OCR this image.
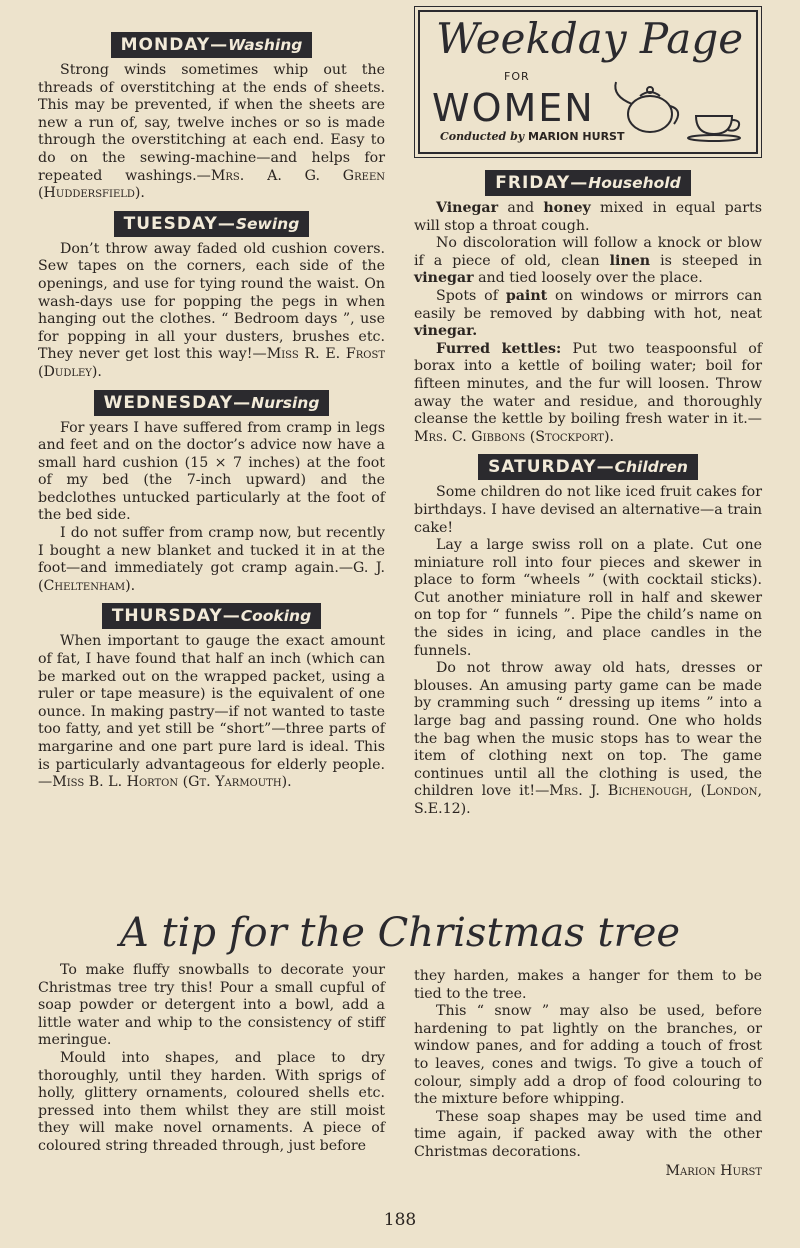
MONDAY—Washing

Strong winds sometimes whip out the threads of overstitching at the ends of sheets. This may be prevented, if when the sheets are new a run of, say, twelve inches or so is made through the overstitching at each end. Easy to do on the sewing-machine—and helps for repeated washings.—Mrs. A. G. Green (Huddersfield).

TUESDAY—Sewing

Don’t throw away faded old cushion covers. Sew tapes on the corners, each side of the openings, and use for tying round the waist. On wash-days use for popping the pegs in when hanging out the clothes. “ Bedroom days ”, use for popping in all your dusters, brushes etc. They never get lost this way!—Miss R. E. Frost (Dudley).

WEDNESDAY—Nursing

For years I have suffered from cramp in legs and feet and on the doctor’s advice now have a small hard cushion (15 × 7 inches) at the foot of my bed (the 7-inch upward) and the bedclothes untucked particularly at the foot of the bed side.

I do not suffer from cramp now, but recently I bought a new blanket and tucked it in at the foot—and immediately got cramp again.—G. J. (Cheltenham).

THURSDAY—Cooking

When important to gauge the exact amount of fat, I have found that half an inch (which can be marked out on the wrapped packet, using a ruler or tape measure) is the equivalent of one ounce. In making pastry—if not wanted to taste too fatty, and yet still be “short”—three parts of margarine and one part pure lard is ideal. This is particularly advantageous for elderly people.—Miss B. L. Horton (Gt. Yarmouth).

Weekday Page
FOR
WOMEN
Conducted by MARION HURST
FRIDAY—Household

Vinegar and honey mixed in equal parts will stop a throat cough.

No discoloration will follow a knock or blow if a piece of old, clean linen is steeped in vinegar and tied loosely over the place.

Spots of paint on windows or mirrors can easily be removed by dabbing with hot, neat vinegar.

Furred kettles: Put two teaspoonsful of borax into a kettle of boiling water; boil for fifteen minutes, and the fur will loosen. Throw away the water and residue, and thoroughly cleanse the kettle by boiling fresh water in it.—Mrs. C. Gibbons (Stockport).

SATURDAY—Children

Some children do not like iced fruit cakes for birthdays. I have devised an alternative—a train cake!

Lay a large swiss roll on a plate. Cut one miniature roll into four pieces and skewer in place to form “wheels ” (with cocktail sticks). Cut another miniature roll in half and skewer on top for “ funnels ”. Pipe the child’s name on the sides in icing, and place candles in the funnels.

Do not throw away old hats, dresses or blouses. An amusing party game can be made by cramming such “ dressing up items ” into a large bag and passing round. One who holds the bag when the music stops has to wear the item of clothing next on top. The game continues until all the clothing is used, the children love it!—Mrs. J. Bichenough, (London, S.E.12).

A tip for the Christmas tree

To make fluffy snowballs to decorate your Christmas tree try this! Pour a small cupful of soap powder or detergent into a bowl, add a little water and whip to the consistency of stiff meringue.

Mould into shapes, and place to dry thoroughly, until they harden. With sprigs of holly, glittery ornaments, coloured shells etc. pressed into them whilst they are still moist they will make novel ornaments. A piece of coloured string threaded through, just before

they harden, makes a hanger for them to be tied to the tree.

This “ snow ” may also be used, before hardening to pat lightly on the branches, or window panes, and for adding a touch of frost to leaves, cones and twigs. To give a touch of colour, simply add a drop of food colouring to the mixture before whipping.

These soap shapes may be used time and time again, if packed away with the other Christmas decorations.

Marion Hurst
188
